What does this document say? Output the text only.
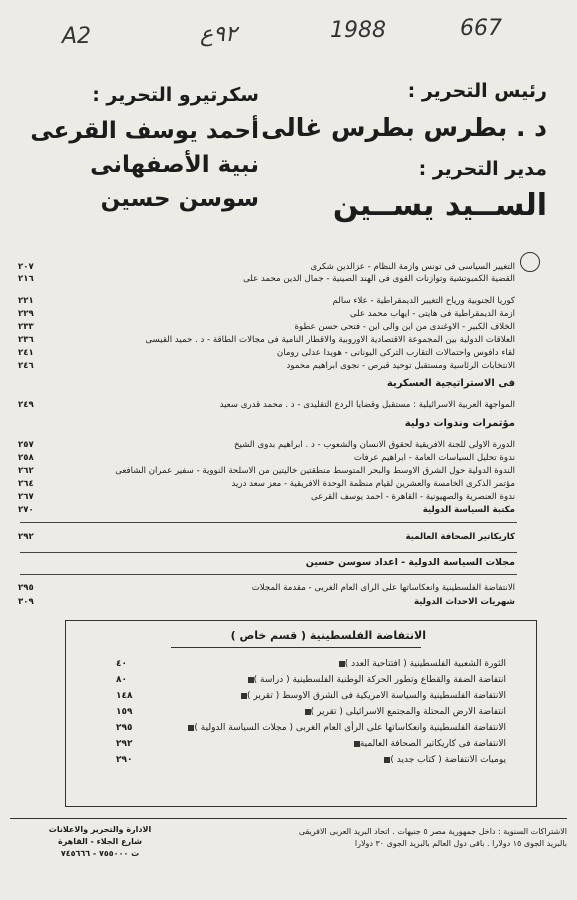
A2	٩٢ع	1988	667
رئيس التحرير :
د . بطرس بطرس غالى
مدير التحرير :
الســيد يســين
سكرتيرو التحرير :
أحمد يوسف القرعى
نبية الأصفهانى
سوسن حسين
٢٠٧	التغيير السياسى فى تونس وازمة النظام - عزالدين شكرى
٢١٦	القضية الكمبوتشية وتوازنات القوى فى الهند الصينية - جمال الدين محمد على
٢٢١	كوريا الجنوبية ورياح التغيير الديمقراطية - علاء سالم
٢٢٩	ازمة الديمقراطية فى هايتى - ايهاب محمد على
٢٣٣	الخلاف الكبير - الاوغندى من اين والى اين - فتحى حسن عطوة
٢٣٦	العلاقات الدولية بين المجموعة الاقتصادية الاوروبية والاقطار النامية فى مجالات الطاقة - د . حميد القيسى
٢٤١	لقاء دافوس واحتمالات التقارب التركى اليونانى - هويدا عدلى رومان
٢٤٦	الانتخابات الرئاسية ومستقبل توحيد قبرص - نجوى ابراهيم محمود
فى الاستراتيجية العسكرية
٢٤٩	المواجهة العربية الاسرائيلية : مستقبل وقضايا الردع التقليدى - د . محمد قدرى سعيد
مؤتمرات وندوات دولية
٢٥٧	الدورة الاولى للجنة الافريقية لحقوق الانسان والشعوب - د . ابراهيم بدوى الشيخ
٢٥٨	ندوة تحليل السياسات العامة - ابراهيم عرفات
٢٦٢	الندوة الدولية حول الشرق الاوسط والبحر المتوسط منطقتين خاليتين من الاسلحة النووية - سفير عمران الشافعى
٢٦٤	مؤتمر الذكرى الخامسة والعشرين لقيام منظمة الوحدة الافريقية - معز سعد دريد
٢٦٧	ندوة العنصرية والصهيونية - القاهرة - احمد يوسف القرعى
٢٧٠	مكتبة السياسة الدولية
٢٩٢	كاريكاتير الصحافة العالمية
مجلات السياسة الدولية - اعداد سوسن حسين
٢٩٥	الانتفاضة الفلسطينية وانعكاساتها على الرأى العام الغربى - مقدمة المجلات
٣٠٩	شهريات الاحداث الدولية
الانتفاضة الفلسطينية ( قسم خاص )
٤٠	الثورة الشعبية الفلسطينية ( افتتاحية العدد )
٨٠	انتفاضة الضفة والقطاع وتطور الحركة الوطنية الفلسطينية ( دراسة )
١٤٨	الانتفاضة الفلسطينية والسياسة الامريكية فى الشرق الاوسط ( تقرير )
١٥٩	انتفاضة الارض المحتلة والمجتمع الاسرائيلى ( تقرير )
٢٩٥	الانتفاضة الفلسطينية وانعكاساتها على الرأى العام الغربى ( مجلات السياسة الدولية )
٢٩٢	الانتفاضة فى كاريكاتير الصحافة العالمية
٢٩٠	يوميات الانتفاضة ( كتاب جديد )
الاشتراكات السنوية : داخل جمهورية مصر ٥ جنيهات . اتحاد البريد العربى الافريقى
بالبريد الجوى ١٥ دولارا . باقى دول العالم بالبريد الجوى ٣٠ دولارا
الادارة والتحرير والاعلانات
شارع الجلاء - القاهرة
ت ٧٥٥٠٠٠ - ٧٤٥٦٦٦
